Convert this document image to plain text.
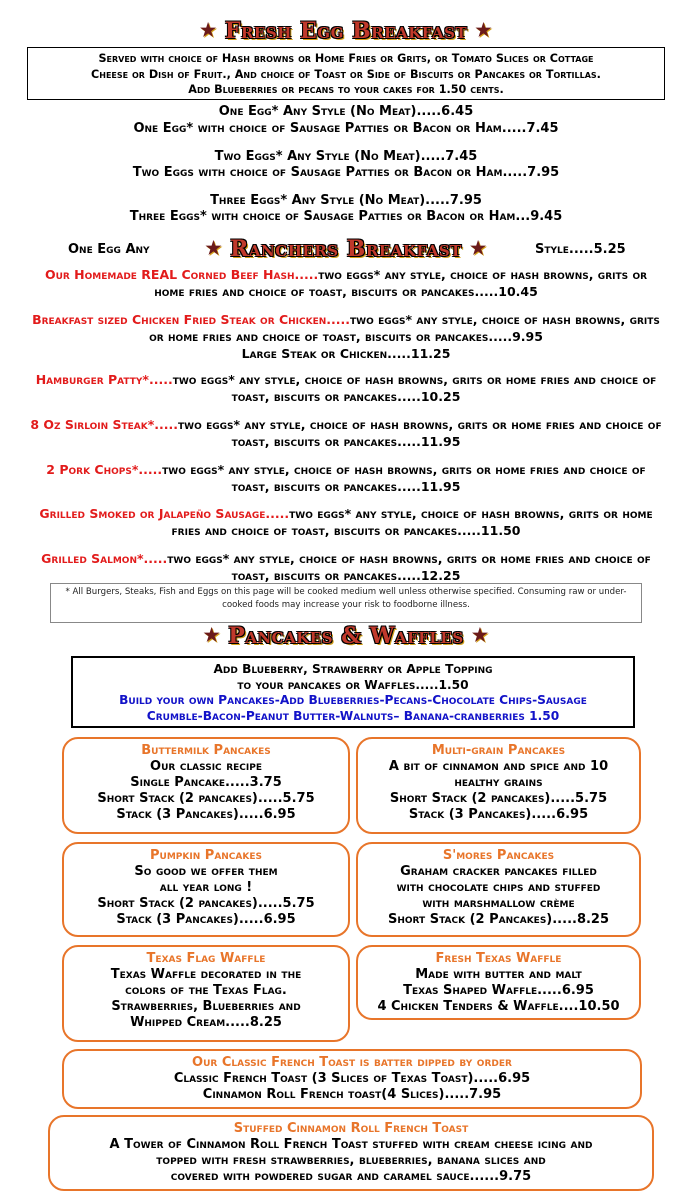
★ Fresh Egg Breakfast ★
Served with choice of Hash browns or Home Fries or Grits, or Tomato Slices or Cottage
Cheese or Dish of Fruit., And choice of Toast or Side of Biscuits or Pancakes or Tortillas.
Add Blueberries or pecans to your cakes for 1.50 cents.
One Egg* Any Style (No Meat).....6.45
One Egg* with choice of Sausage Patties or Bacon or Ham.....7.45
Two Eggs* Any Style (No Meat).....7.45
Two Eggs with choice of Sausage Patties or Bacon or Ham.....7.95
Three Eggs* Any Style (No Meat).....7.95
Three Eggs* with choice of Sausage Patties or Bacon or Ham...9.45
One Egg Any	★ Ranchers Breakfast ★	Style.....5.25
Our Homemade REAL Corned Beef Hash.....two eggs* any style, choice of hash browns, grits or home fries and choice of toast, biscuits or pancakes.....10.45
Breakfast sized Chicken Fried Steak or Chicken.....two eggs* any style, choice of hash browns, grits or home fries and choice of toast, biscuits or pancakes.....9.95
Large Steak or Chicken.....11.25
Hamburger Patty*.....two eggs* any style, choice of hash browns, grits or home fries and choice of toast, biscuits or pancakes.....10.25
8 Oz Sirloin Steak*.....two eggs* any style, choice of hash browns, grits or home fries and choice of toast, biscuits or pancakes.....11.95
2 Pork Chops*.....two eggs* any style, choice of hash browns, grits or home fries and choice of toast, biscuits or pancakes.....11.95
Grilled Smoked or Jalapeño Sausage.....two eggs* any style, choice of hash browns, grits or home fries and choice of toast, biscuits or pancakes.....11.50
Grilled Salmon*.....two eggs* any style, choice of hash browns, grits or home fries and choice of toast, biscuits or pancakes.....12.25
* All Burgers, Steaks, Fish and Eggs on this page will be cooked medium well unless otherwise specified. Consuming raw or under-cooked foods may increase your risk to foodborne illness.
★ Pancakes & Waffles ★
Add Blueberry, Strawberry or Apple Topping
to your pancakes or Waffles.....1.50
Build your own Pancakes-Add Blueberries-Pecans-Chocolate Chips-Sausage
Crumble-Bacon-Peanut Butter-Walnuts– Banana-cranberries 1.50
Buttermilk Pancakes
Our classic recipe
Single Pancake.....3.75
Short Stack (2 pancakes).....5.75
Stack (3 Pancakes).....6.95
Multi-grain Pancakes
A bit of cinnamon and spice and 10
healthy grains
Short Stack (2 pancakes).....5.75
Stack (3 Pancakes).....6.95
Pumpkin Pancakes
So good we offer them
all year long !
Short Stack (2 pancakes).....5.75
Stack (3 Pancakes).....6.95
S'mores Pancakes
Graham cracker pancakes filled
with chocolate chips and stuffed
with marshmallow crème
Short Stack (2 Pancakes).....8.25
Texas Flag Waffle
Texas Waffle decorated in the
colors of the Texas Flag.
Strawberries, Blueberries and
Whipped Cream.....8.25
Fresh Texas Waffle
Made with butter and malt
Texas Shaped Waffle.....6.95
4 Chicken Tenders & Waffle....10.50
Our Classic French Toast is batter dipped by order
Classic French Toast (3 Slices of Texas Toast).....6.95
Cinnamon Roll French toast(4 Slices).....7.95
Stuffed Cinnamon Roll French Toast
A Tower of Cinnamon Roll French Toast stuffed with cream cheese icing and
topped with fresh strawberries, blueberries, banana slices and
covered with powdered sugar and caramel sauce......9.75
